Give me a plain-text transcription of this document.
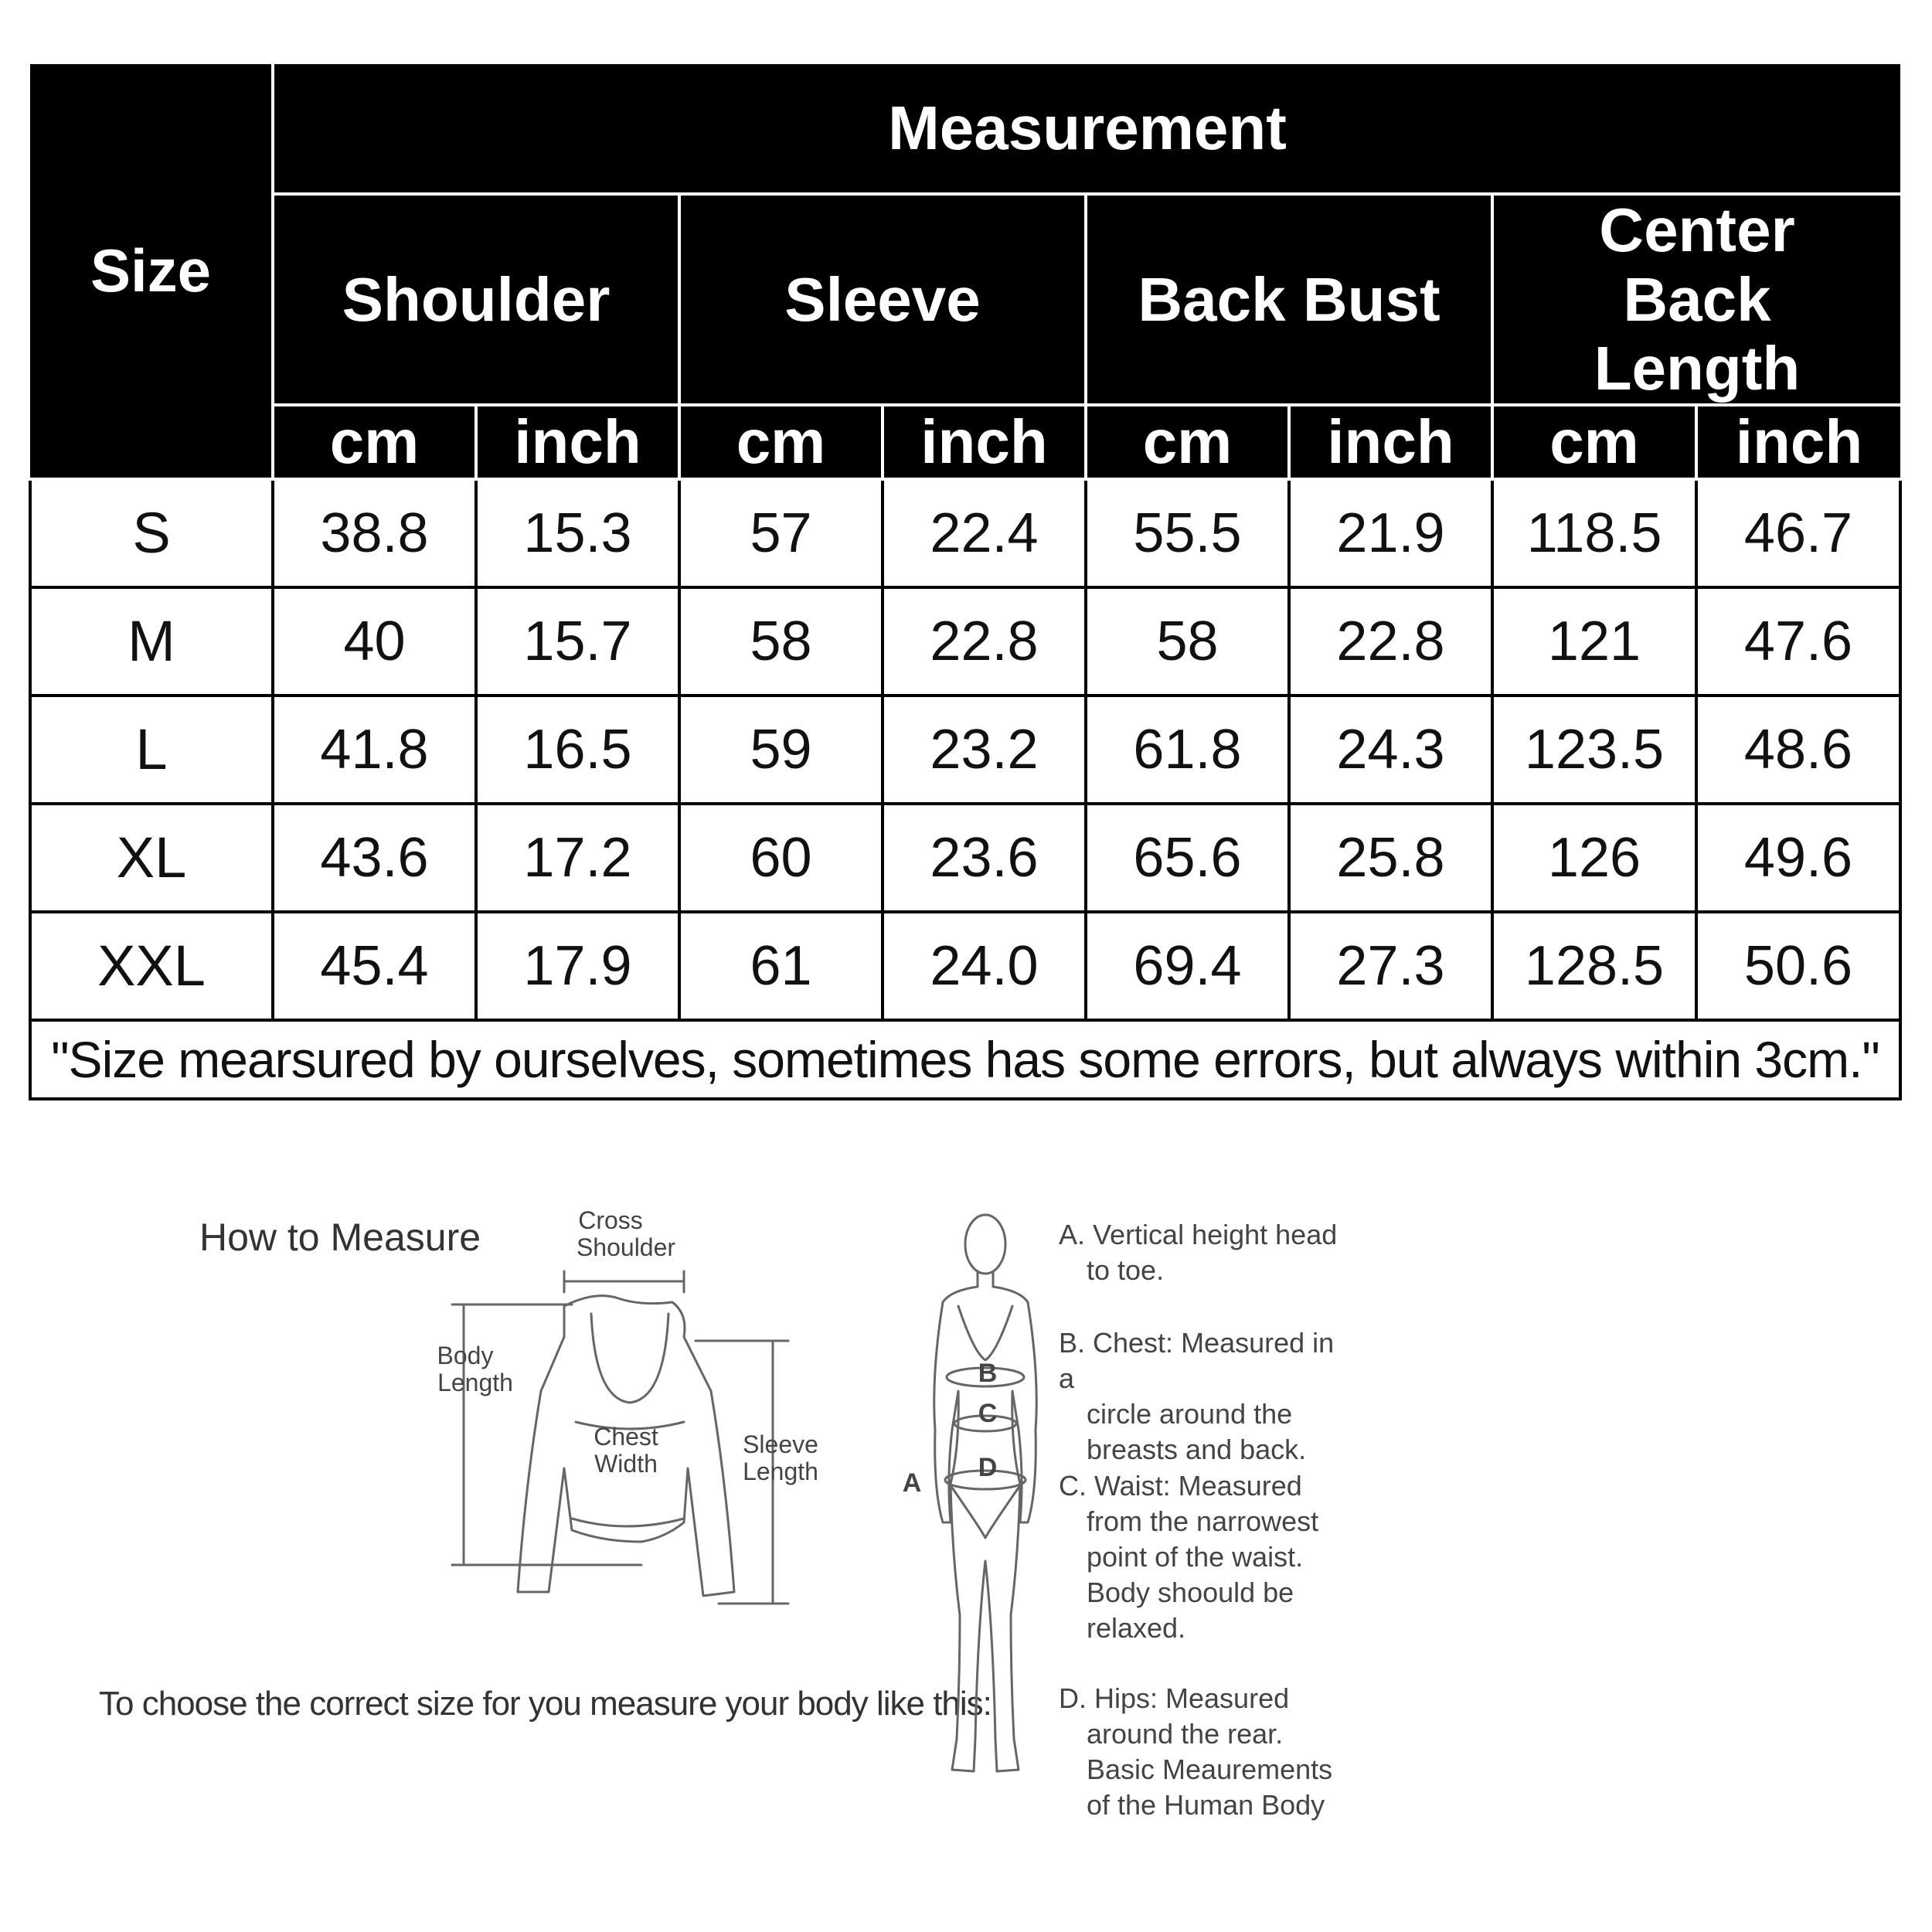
Size	Measurement							
	Shoulder		Sleeve		Back Bust		Center Back Length	
	cm	inch	cm	inch	cm	inch	cm	inch
S	38.8	15.3	57	22.4	55.5	21.9	118.5	46.7
M	40	15.7	58	22.8	58	22.8	121	47.6
L	41.8	16.5	59	23.2	61.8	24.3	123.5	48.6
XL	43.6	17.2	60	23.6	65.6	25.8	126	49.6
XXL	45.4	17.9	61	24.0	69.4	27.3	128.5	50.6
"Size mearsured by ourselves, sometimes has some errors, but always within 3cm."								
How to Measure
To choose the correct size for you measure your body like this:
Cross
Shoulder
Body
Length
Chest
Width
Sleeve
Length	A
B
C
D
A. Vertical height head
to toe.
B. Chest: Measured in a
circle around the
breasts and back.
C. Waist: Measured
from the narrowest
point of the waist.
Body shoould be
relaxed.
D. Hips: Measured
around the rear.
Basic Meaurements
of the Human Body
